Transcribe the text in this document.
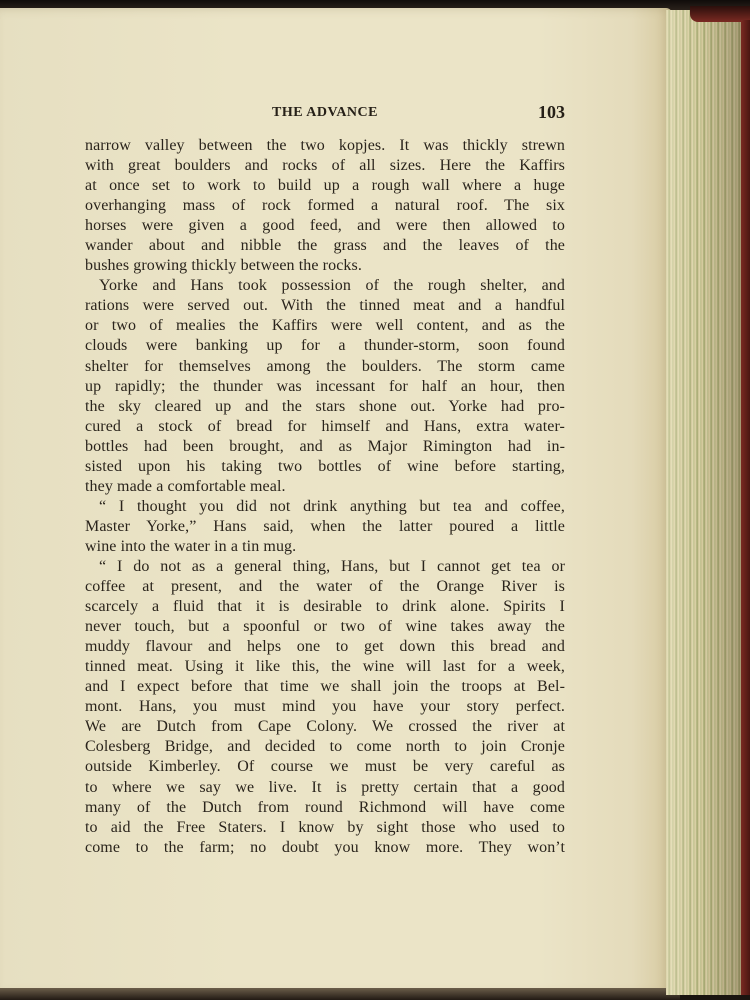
THE ADVANCE	103
narrow valley between the two kopjes. It was thickly strewn
with great boulders and rocks of all sizes. Here the Kaffirs
at once set to work to build up a rough wall where a huge
overhanging mass of rock formed a natural roof. The six
horses were given a good feed, and were then allowed to
wander about and nibble the grass and the leaves of the
bushes growing thickly between the rocks.
Yorke and Hans took possession of the rough shelter, and
rations were served out. With the tinned meat and a handful
or two of mealies the Kaffirs were well content, and as the
clouds were banking up for a thunder-storm, soon found
shelter for themselves among the boulders. The storm came
up rapidly; the thunder was incessant for half an hour, then
the sky cleared up and the stars shone out. Yorke had pro-
cured a stock of bread for himself and Hans, extra water-
bottles had been brought, and as Major Rimington had in-
sisted upon his taking two bottles of wine before starting,
they made a comfortable meal.
“ I thought you did not drink anything but tea and coffee,
Master Yorke,” Hans said, when the latter poured a little
wine into the water in a tin mug.
“ I do not as a general thing, Hans, but I cannot get tea or
coffee at present, and the water of the Orange River is
scarcely a fluid that it is desirable to drink alone. Spirits I
never touch, but a spoonful or two of wine takes away the
muddy flavour and helps one to get down this bread and
tinned meat. Using it like this, the wine will last for a week,
and I expect before that time we shall join the troops at Bel-
mont. Hans, you must mind you have your story perfect.
We are Dutch from Cape Colony. We crossed the river at
Colesberg Bridge, and decided to come north to join Cronje
outside Kimberley. Of course we must be very careful as
to where we say we live. It is pretty certain that a good
many of the Dutch from round Richmond will have come
to aid the Free Staters. I know by sight those who used to
come to the farm; no doubt you know more. They won’t
